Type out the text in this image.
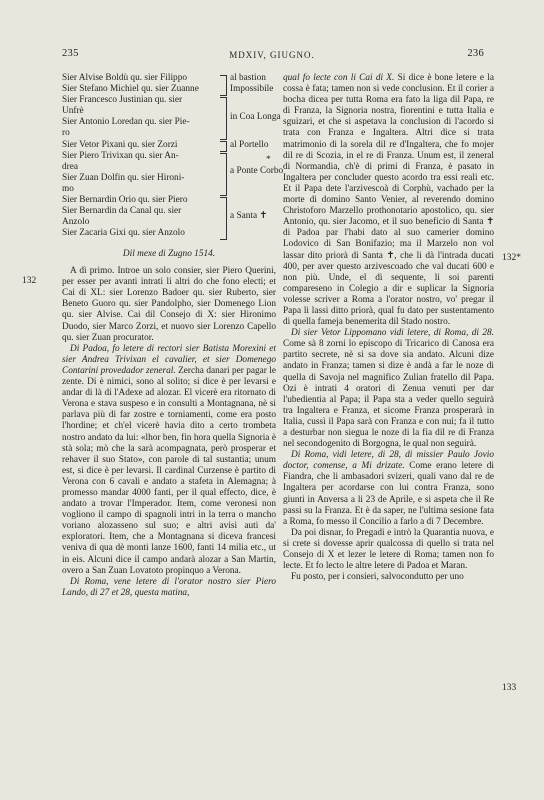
235	MDXIV, GIUGNO.	236
132
132*
133
Sier Alvise Boldù qu. sier Filippo
Sier Stefano Michiel qu. sier Zuanne
Sier Francesco Justinian qu. sier
Unfrè
Sier Antonio Loredan qu. sier Pie-
ro
Sier Vetor Pixani qu. sier Zorzi
Sier Piero Trivixan qu. sier An-
drea
Sier Zuan Dolfin qu. sier Hironi-
mo
Sier Bernardin Orio qu. sier Piero
Sier Bernardin da Canal qu. sier
Anzolo
Sier Zacaria Gixi qu. sier Anzolo
al bastion
Impossibile
in Coa Longa
al Portello
*
a Ponte Corbo
a Santa ✝
Dil mexe di Zugno 1514.

A dì primo. Introe un solo consier, sier Piero Querini, per esser per avanti intrati li altri do che fono electi; et Cai di XL: sier Lorenzo Badoer qu. sier Ruberto, sier Beneto Guoro qu. sier Pandolpho, sier Domenego Lion qu. sier Alvise. Cai dil Consejo di X: sier Hironimo Duodo, sier Marco Zorzi, et nuovo sier Lorenzo Capello qu. sier Zuan procurator.

Di Padoa, fo letere di rectori sier Batista Morexini et sier Andrea Trivixan el cavalier, et sier Domenego Contarini provedador zeneral. Zercha danari per pagar le zente. Di ė nimici, sono al solito; si dice è per levarsi e andar di là di l'Adexe ad alozar. El vicerè era ritornato di Verona e stava suspeso e in consulti a Montagnana, nè si parlava più di far zostre e torniamenti, come era posto l'hordine; et ch'el vicerè havia dito a certo trombeta nostro andato da lui: «lhor ben, fin hora quella Signoria è stà sola; mò che la sarà acompagnata, però prosperar et rehaver il suo Stato», con parole di tal sustantia; unum est, si dice è per levarsi. Il cardinal Curzense è partito di Verona con 6 cavali e andato a stafeta in Alemagna; à promesso mandar 4000 fanti, per il qual effecto, dice, è andato a trovar l'Imperador. Item, come veronesi non vogliono il campo di spagnoli intri in la terra o mancho voriano alozasseno sul suo; e altri avisi auti da' exploratori. Item, che a Montagnana si diceva francesi veniva di qua dè monti lanze 1600, fanti 14 milia etc., ut in eis. Alcuni dice il campo andarà alozar a San Martin, overo a San Zuan Lovatoto propinquo a Verona.

Di Roma, vene letere di l'orator nostro sier Piero Lando, di 27 et 28, questa matina,

qual fo lecte con li Cai di X. Si dice è bone letere e la cossa è fata; tamen non si vede conclusion. Et il corier a bocha dicea per tutta Roma era fato la liga dil Papa, re di Franza, la Signoria nostra, fiorentini e tutta Italia e sguizari, et che si aspetava la conclusion di l'acordo si trata con Franza e Ingaltera. Altri dice si trata matrimonio di la sorela dil re d'Ingaltera, che fo mojer dil re di Scozia, in el re di Franza. Unum est, il zeneral di Normandia, ch'è di primi di Franza, è pasato in Ingaltera per concluder questo acordo tra essi reali etc. Et il Papa dete l'arzivescoà di Corphù, vachado per la morte di domino Santo Venier, al reverendo domino Christoforo Marzello prothonotario apostolico, qu. sier Antonio, qu. sier Jacomo, et il suo beneficio di Santa ✝ di Padoa par l'habi dato al suo camerier domino Lodovico di San Bonifazio; ma il Marzelo non vol lassar dito priorà di Santa ✝, che li dà l'intrada ducati 400, per aver questo arzivescoado che val ducati 600 e non più. Unde, el dì sequente, li soi parenti compareseno in Colegio a dir e suplicar la Signoria volesse scriver a Roma a l'orator nostro, vo' pregar il Papa li lassi ditto priorà, qual fu dato per sustentamento di quella fameja benemerita dil Stado nostro.

Di sier Vetor Lippomano vidi letere, di Roma, di 28. Come sà 8 zorni lo episcopo di Tricarico di Canosa era partito secrete, nè si sa dove sia andato. Alcuni dize andato in Franza; tamen si dize è andà a far le noze di quella di Savoja nel magnifico Zulian fratello dil Papa. Ozi è intrati 4 oratori di Zenua venuti per dar l'ubedientia al Papa; il Papa sta a veder quello seguirà tra Ingaltera e Franza, et sicome Franza prosperarà in Italia, cussì il Papa sarà con Franza e con nui; fa il tutto a desturbar non siegua le noze di la fia dil re di Franza nel secondogenito di Borgogna, le qual non seguirà.

Di Roma, vidi letere, di 28, di missier Paulo Jovio doctor, comense, a Mi drizate. Come erano letere di Fiandra, che li ambasadori svizeri, quali vano dal re de Ingaltera per acordarse con lui contra Franza, sono giunti in Anversa a li 23 de Aprile, e si aspeta che il Re passi su la Franza. Et è da saper, ne l'ultima sesione fata a Roma, fo messo il Concilio a farlo a dì 7 Decembre.

Da poi disnar, fo Pregadi e intrò la Quarantia nuova, e si crete si dovesse aprir qualcossa di quello si trata nel Consejo di X et lezer le letere di Roma; tamen non fo lecte. Et fo lecto le altre letere di Padoa et Maran.

Fu posto, per i consieri, salvocondutto per uno
